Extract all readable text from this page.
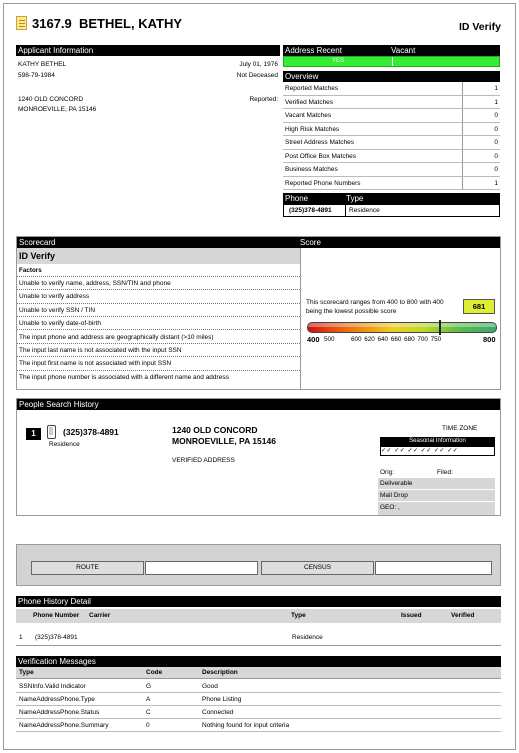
3167.9 BETHEL, KATHY	ID Verify
Applicant Information
KATHY BETHEL	July 01, 1976
598-79-1984	Not Deceased
1240 OLD CONCORD	Reported:
MONROEVILLE, PA 15146
Address Recent	Vacant
YES
Overview
Reported Matches	1
Verified Matches	1
Vacant Matches	0
High Risk Matches	0
Street Address Matches	0
Post Office Box Matches	0
Business Matches	0
Reported Phone Numbers	1
Phone	Type
(325)378-4891	Residence
Scorecard	Score
ID Verify
Factors
Unable to verify name, address, SSN/TIN and phone
Unable to verify address
Unable to verify SSN / TIN
Unable to verify date-of-birth
The input phone and address are geographically distant (>10 miles)
The input last name is not associated with the input SSN
The input first name is not associated with input SSN
The input phone number is associated with a different name and address
This scorecard ranges from 400 to 800 with 400 being the lowest possible score
681
400	800
500	600 620 640 660 680 700 750
People Search History
1	(325)378-4891
Residence
1240 OLD CONCORD
MONROEVILLE, PA 15146
VERIFIED ADDRESS
TIME ZONE
Seasonal Information
✓✓ ✓✓ ✓✓ ✓✓ ✓✓ ✓✓
Orig:	Filed:
Deliverable
Mail Drop
GEO: ,
ROUTE	CENSUS
Phone History Detail
Phone Number Carrier	Type	Issued	Verified
1 (325)378-4891	Residence
Verification Messages
Type	Code	Description
SSNInfo.Valid Indicator	G	Good
NameAddressPhone.Type	A	Phone Listing
NameAddressPhone.Status	C	Connected
NameAddressPhone.Summary	0	Nothing found for input criteria
